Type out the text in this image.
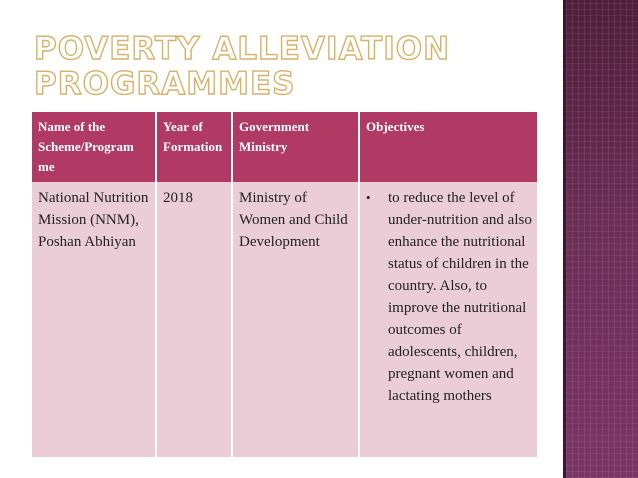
POVERTY ALLEVIATION
PROGRAMMES
Name of the Scheme/Program me	Year of Formation	Government Ministry	Objectives
National Nutrition Mission (NNM), Poshan Abhiyan	2018	Ministry of Women and Child Development	• to reduce the level of under-nutrition and also enhance the nutritional status of children in the country. Also, to improve the nutritional outcomes of adolescents, children, pregnant women and lactating mothers
